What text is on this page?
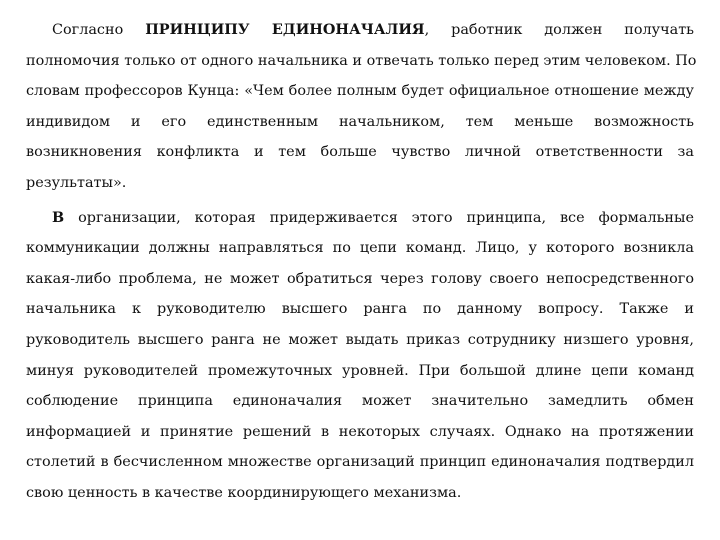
Согласно ПРИНЦИПУ ЕДИНОНАЧАЛИЯ, работник должен получать
полномочия только от одного начальника и отвечать только перед этим человеком. По
словам профессоров Кунца: «Чем более полным будет официальное отношение между
индивидом и его единственным начальником, тем меньше возможность
возникновения конфликта и тем больше чувство личной ответственности за
результаты».
В организации, которая придерживается этого принципа, все формальные
коммуникации должны направляться по цепи команд. Лицо, у которого возникла
какая-либо проблема, не может обратиться через голову своего непосредственного
начальника к руководителю высшего ранга по данному вопросу. Также и
руководитель высшего ранга не может выдать приказ сотруднику низшего уровня,
минуя руководителей промежуточных уровней. При большой длине цепи команд
соблюдение принципа единоначалия может значительно замедлить обмен
информацией и принятие решений в некоторых случаях. Однако на протяжении
столетий в бесчисленном множестве организаций принцип единоначалия подтвердил
свою ценность в качестве координирующего механизма.
